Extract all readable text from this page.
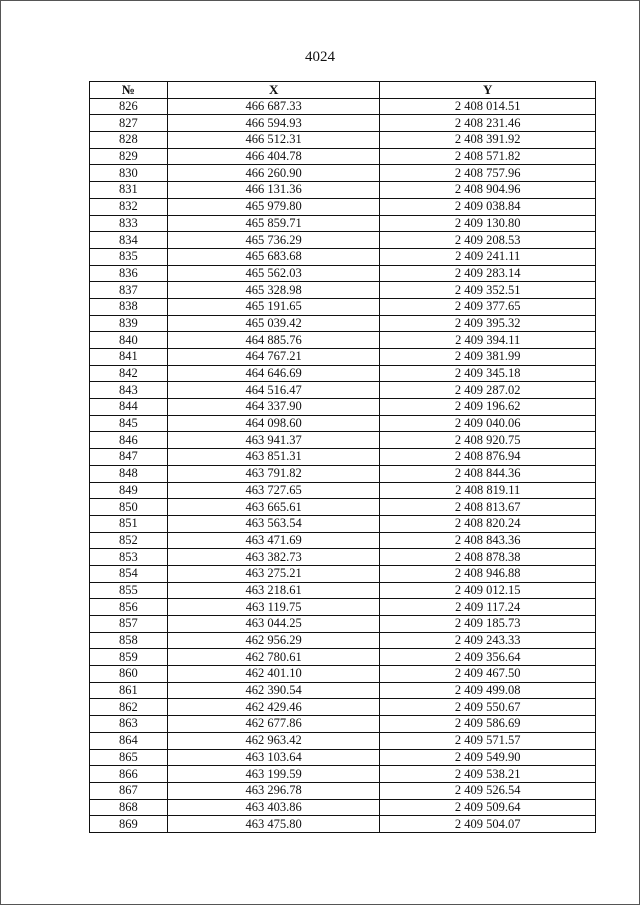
4024
№	X	Y
826	466 687.33	2 408 014.51
827	466 594.93	2 408 231.46
828	466 512.31	2 408 391.92
829	466 404.78	2 408 571.82
830	466 260.90	2 408 757.96
831	466 131.36	2 408 904.96
832	465 979.80	2 409 038.84
833	465 859.71	2 409 130.80
834	465 736.29	2 409 208.53
835	465 683.68	2 409 241.11
836	465 562.03	2 409 283.14
837	465 328.98	2 409 352.51
838	465 191.65	2 409 377.65
839	465 039.42	2 409 395.32
840	464 885.76	2 409 394.11
841	464 767.21	2 409 381.99
842	464 646.69	2 409 345.18
843	464 516.47	2 409 287.02
844	464 337.90	2 409 196.62
845	464 098.60	2 409 040.06
846	463 941.37	2 408 920.75
847	463 851.31	2 408 876.94
848	463 791.82	2 408 844.36
849	463 727.65	2 408 819.11
850	463 665.61	2 408 813.67
851	463 563.54	2 408 820.24
852	463 471.69	2 408 843.36
853	463 382.73	2 408 878.38
854	463 275.21	2 408 946.88
855	463 218.61	2 409 012.15
856	463 119.75	2 409 117.24
857	463 044.25	2 409 185.73
858	462 956.29	2 409 243.33
859	462 780.61	2 409 356.64
860	462 401.10	2 409 467.50
861	462 390.54	2 409 499.08
862	462 429.46	2 409 550.67
863	462 677.86	2 409 586.69
864	462 963.42	2 409 571.57
865	463 103.64	2 409 549.90
866	463 199.59	2 409 538.21
867	463 296.78	2 409 526.54
868	463 403.86	2 409 509.64
869	463 475.80	2 409 504.07
